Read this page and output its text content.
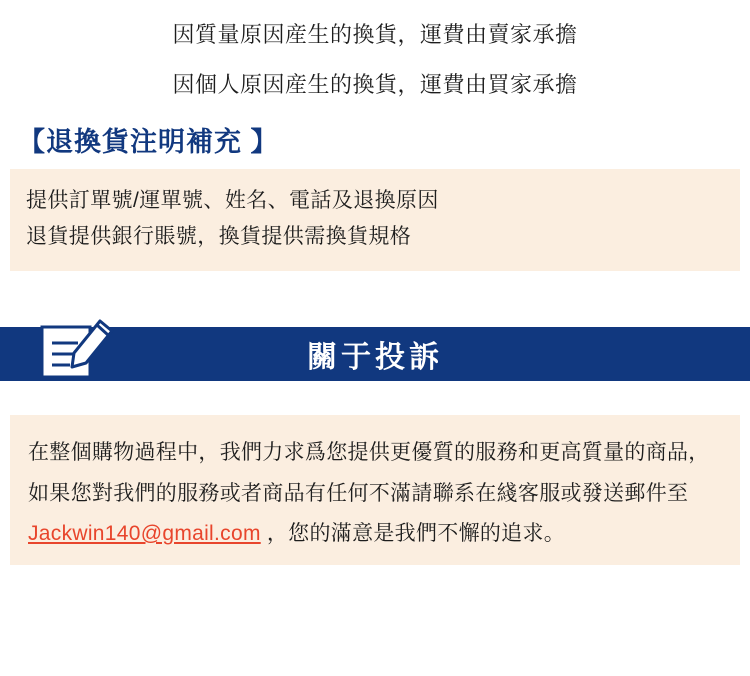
因質量原因産生的換貨，運費由賣家承擔
因個人原因産生的換貨，運費由買家承擔
【退換貨注明補充 】
提供訂單號/運單號、姓名、電話及退換原因
退貨提供銀行賬號，換貨提供需換貨規格
關于投訴
在整個購物過程中，我們力求爲您提供更優質的服務和更高質量的商品，如果您對我們的服務或者商品有任何不滿請聯系在綫客服或發送郵件至 Jackwin140@gmail.com ，您的滿意是我們不懈的追求。
